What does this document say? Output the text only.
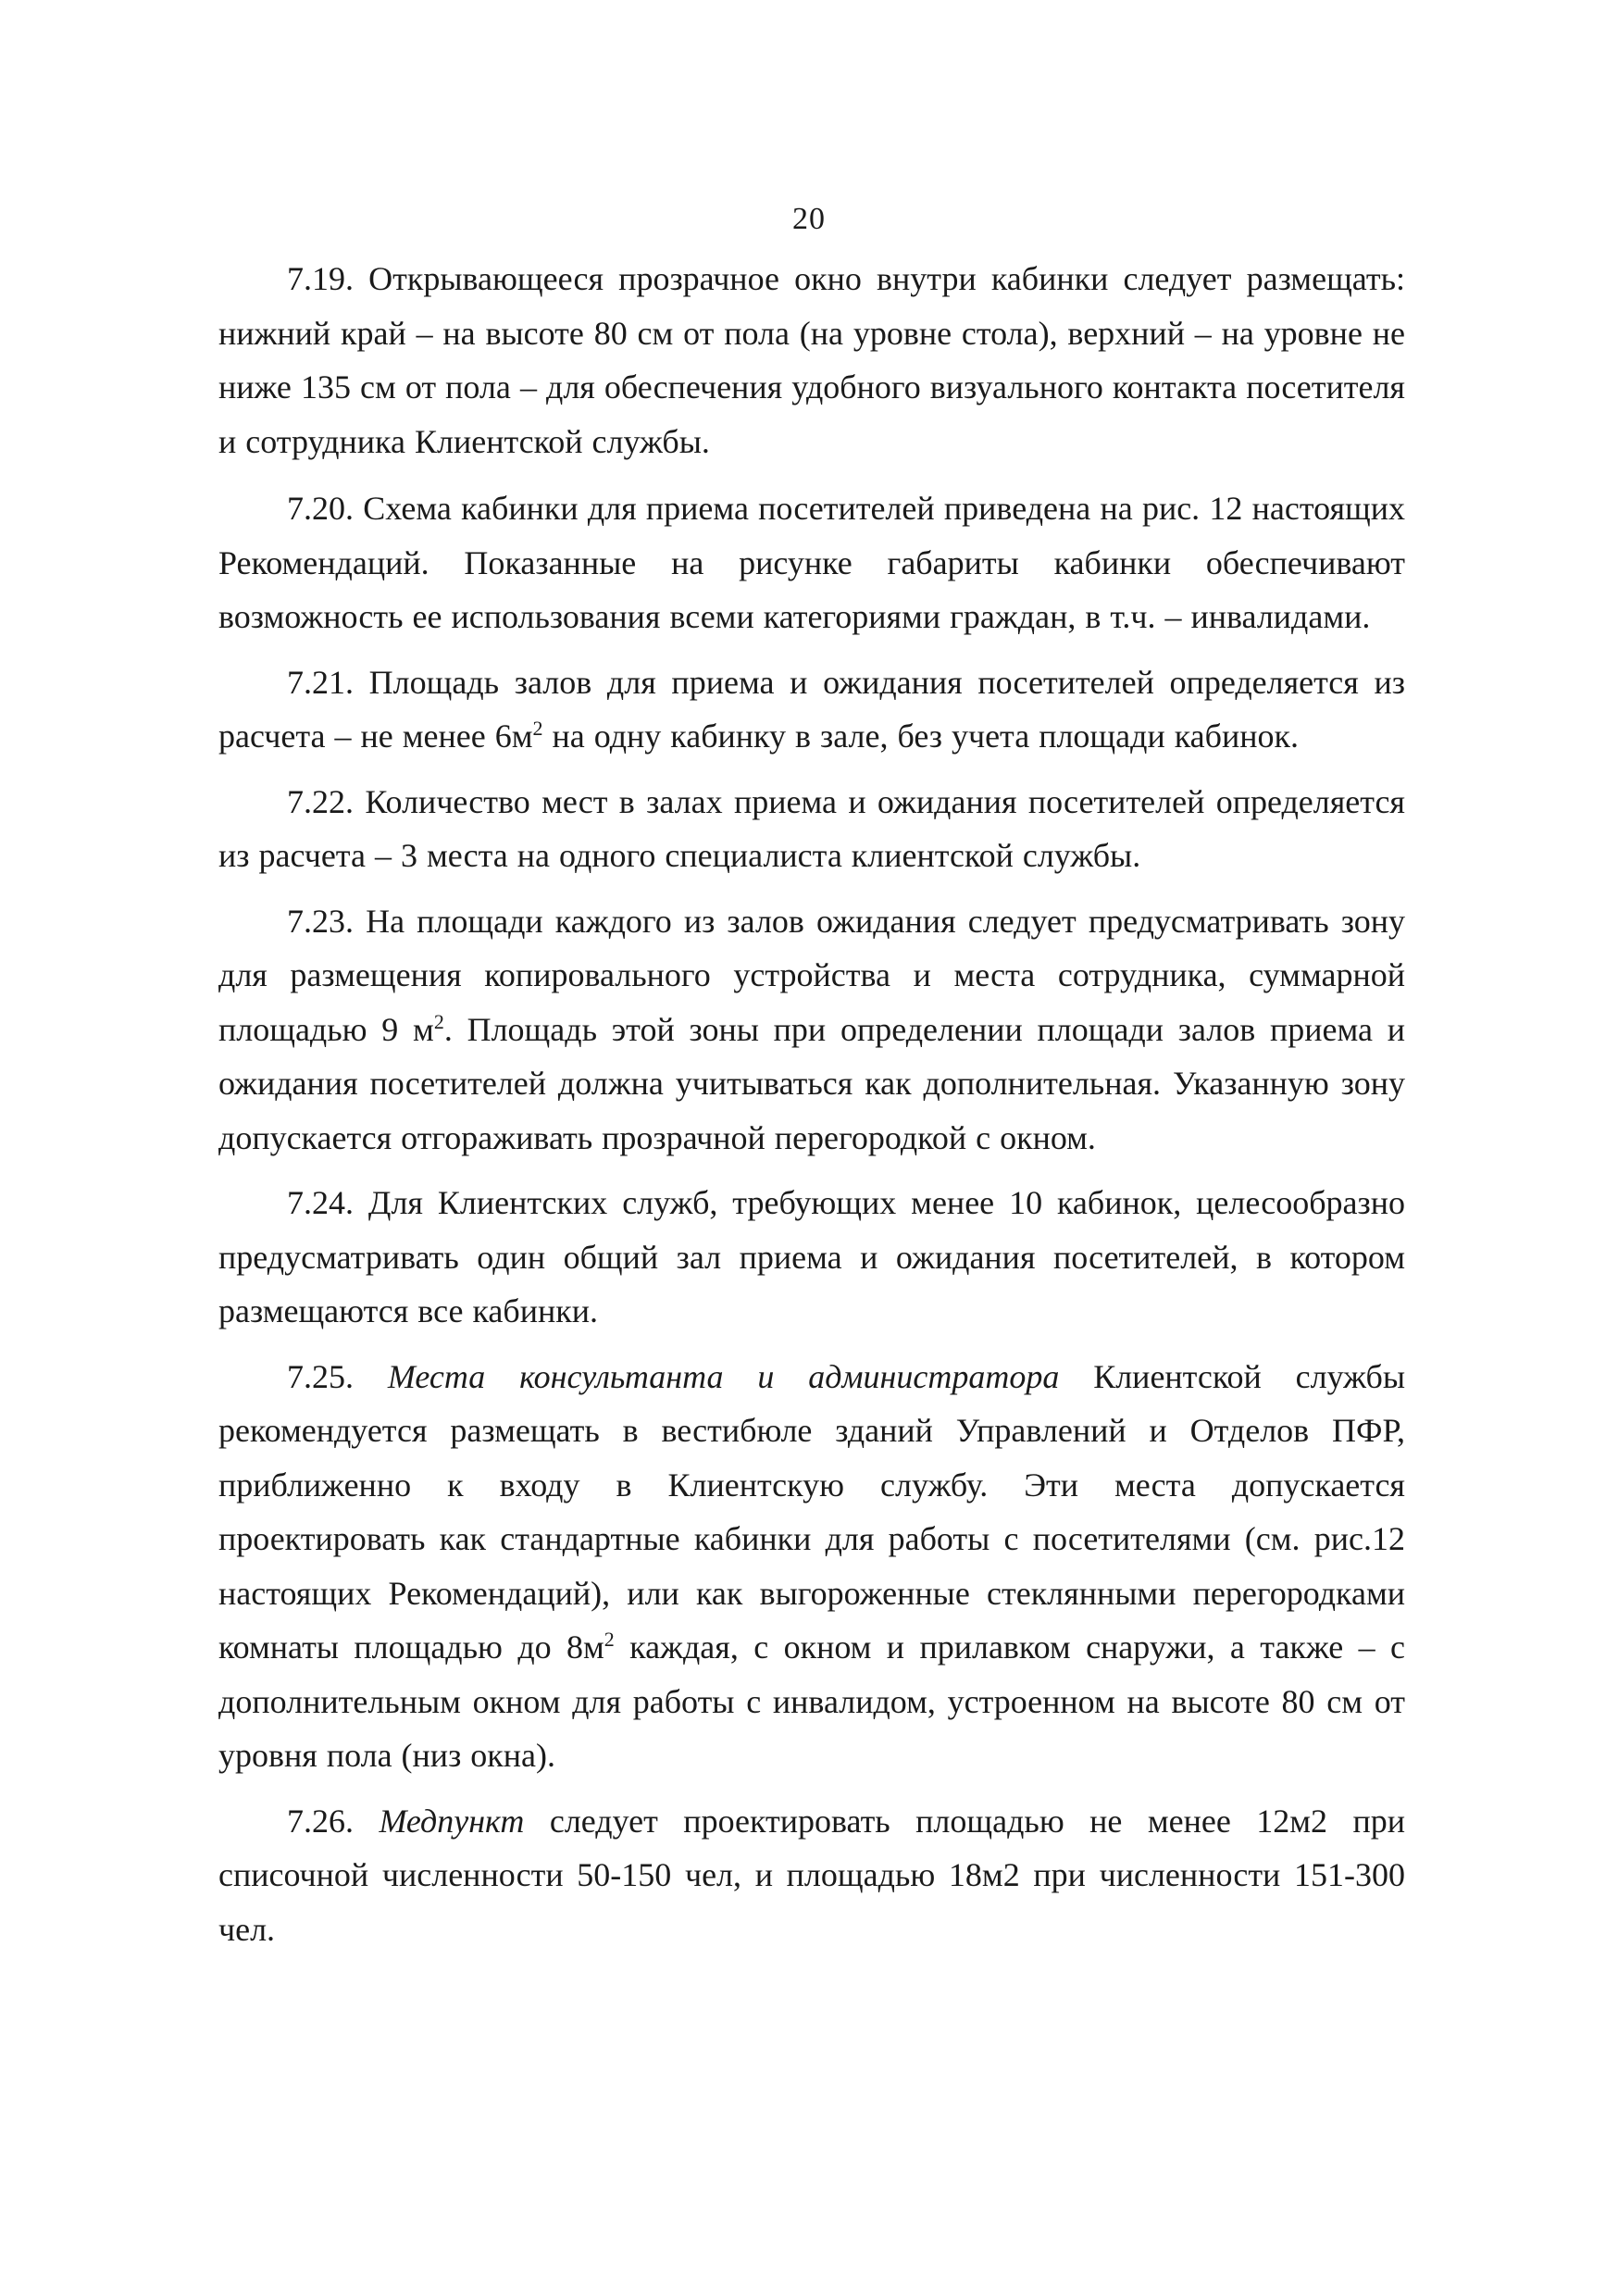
20

7.19. Открывающееся прозрачное окно внутри кабинки следует размещать: нижний край – на высоте 80 см от пола (на уровне стола), верхний – на уровне не ниже 135 см от пола – для обеспечения удобного визуального контакта посетителя и сотрудника Клиентской службы.

7.20. Схема кабинки для приема посетителей приведена на рис. 12 настоящих Рекомендаций. Показанные на рисунке габариты кабинки обеспечивают возможность ее использования всеми категориями граждан, в т.ч. – инвалидами.

7.21. Площадь залов для приема и ожидания посетителей определяется из расчета – не менее $6м^2$ на одну кабинку в зале, без учета площади кабинок.

7.22. Количество мест в залах приема и ожидания посетителей определяется из расчета – 3 места на одного специалиста клиентской службы.

7.23. На площади каждого из залов ожидания следует предусматривать зону для размещения копировального устройства и места сотрудника, суммарной площадью 9 $м^2$. Площадь этой зоны при определении площади залов приема и ожидания посетителей должна учитываться как дополнительная. Указанную зону допускается отгораживать прозрачной перегородкой с окном.

7.24. Для Клиентских служб, требующих менее 10 кабинок, целесообразно предусматривать один общий зал приема и ожидания посетителей, в котором размещаются все кабинки.

7.25. Места консультанта и администратора Клиентской службы рекомендуется размещать в вестибюле зданий Управлений и Отделов ПФР, приближенно к входу в Клиентскую службу. Эти места допускается проектировать как стандартные кабинки для работы с посетителями (см. рис.12 настоящих Рекомендаций), или как выгороженные стеклянными перегородками комнаты площадью до $8м^2$ каждая, с окном и прилавком снаружи, а также – с дополнительным окном для работы с инвалидом, устроенном на высоте 80 см от уровня пола (низ окна).

7.26. Медпункт следует проектировать площадью не менее 12м2 при списочной численности 50-150 чел, и площадью 18м2 при численности 151-300 чел.
